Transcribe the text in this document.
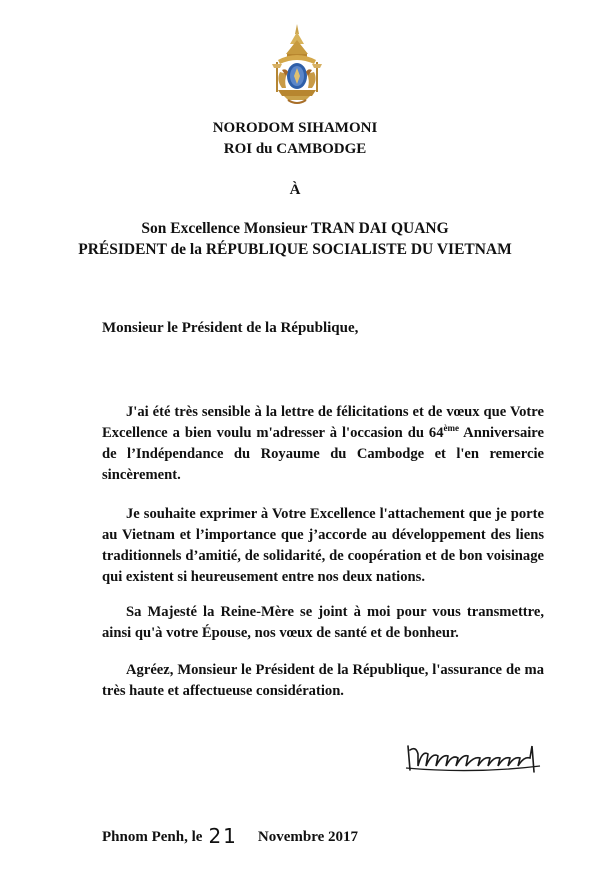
NORODOM SIHAMONI
ROI du CAMBODGE
À
Son Excellence Monsieur TRAN DAI QUANG
PRÉSIDENT de la RÉPUBLIQUE SOCIALISTE DU VIETNAM
Monsieur le Président de la République,

J'ai été très sensible à la lettre de félicitations et de vœux que Votre Excellence a bien voulu m'adresser à l'occasion du 64ème Anniversaire de l’Indépendance du Royaume du Cambodge et l'en remercie sincèrement.

Je souhaite exprimer à Votre Excellence l'attachement que je porte au Vietnam et l’importance que j’accorde au développement des liens traditionnels d’amitié, de solidarité, de coopération et de bon voisinage qui existent si heureusement entre nos deux nations.

Sa Majesté la Reine-Mère se joint à moi pour vous transmettre, ainsi qu'à votre Épouse, nos vœux de santé et de bonheur.

Agréez, Monsieur le Président de la République, l'assurance de ma très haute et affectueuse considération.

Phnom Penh, le 21 Novembre 2017
